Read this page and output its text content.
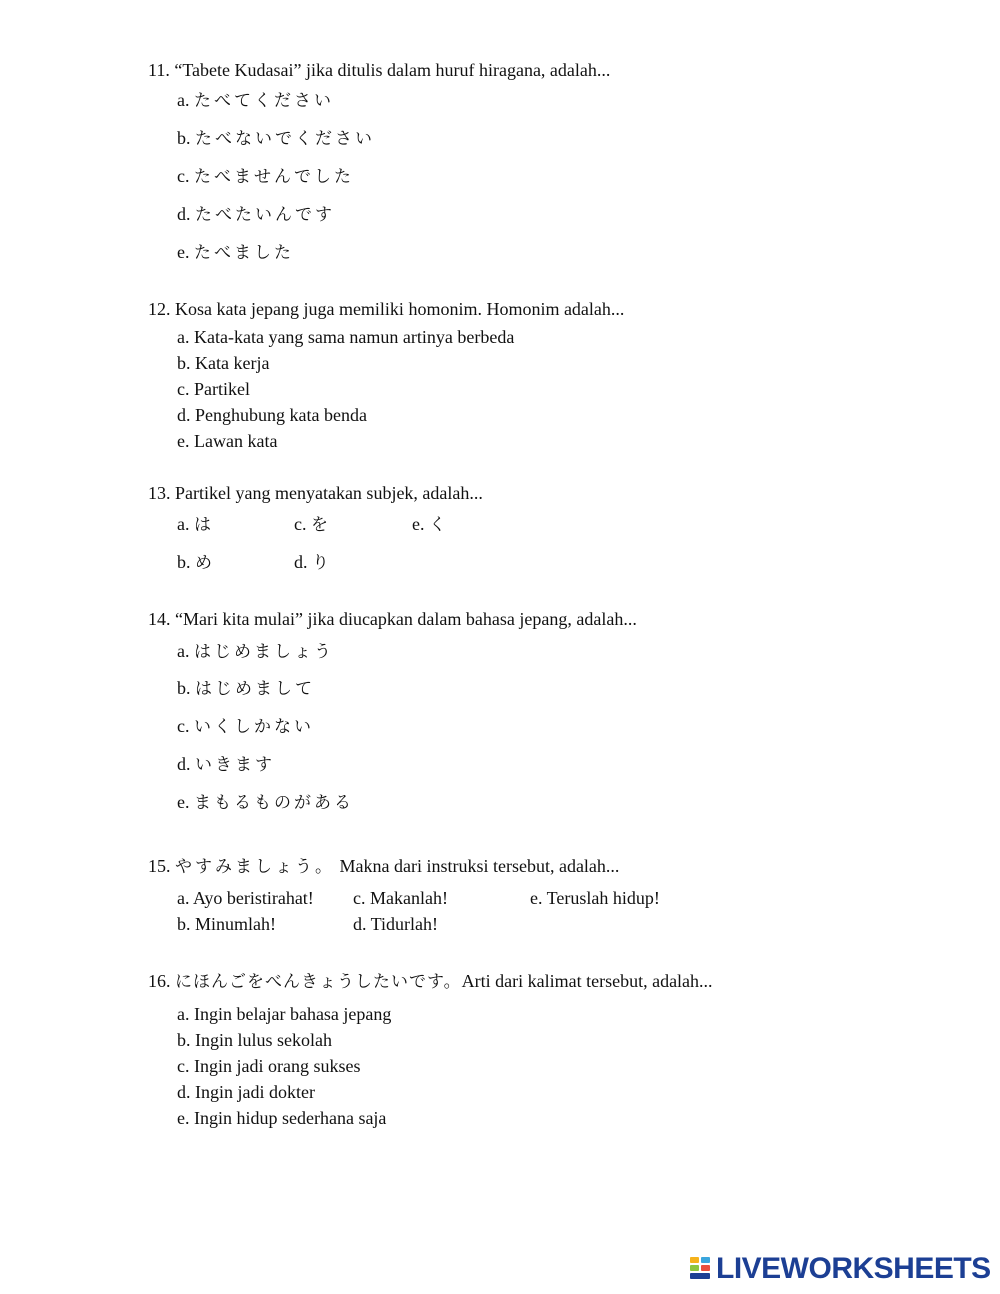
11. “Tabete Kudasai” jika ditulis dalam huruf hiragana, adalah...
a. たべてください
b. たべないでください
c. たべませんでした
d. たべたいんです
e. たべました
12. Kosa kata jepang juga memiliki homonim. Homonim adalah...
a. Kata-kata yang sama namun artinya berbeda
b. Kata kerja
c. Partikel
d. Penghubung kata benda
e. Lawan kata
13. Partikel yang menyatakan subjek, adalah...
a. は
b. め
c. を
d. り
e. く
14. “Mari kita mulai” jika diucapkan dalam bahasa jepang, adalah...
a. はじめましょう
b. はじめまして
c. いくしかない
d. いきます
e. まもるものがある
15. やすみましょう。 Makna dari instruksi tersebut, adalah...
a. Ayo beristirahat!
b. Minumlah!
c. Makanlah!
d. Tidurlah!
e. Teruslah hidup!
16. にほんごをべんきょうしたいです。Arti dari kalimat tersebut, adalah...
a. Ingin belajar bahasa jepang
b. Ingin lulus sekolah
c. Ingin jadi orang sukses
d. Ingin jadi dokter
e. Ingin hidup sederhana saja
LIVEWORKSHEETS
